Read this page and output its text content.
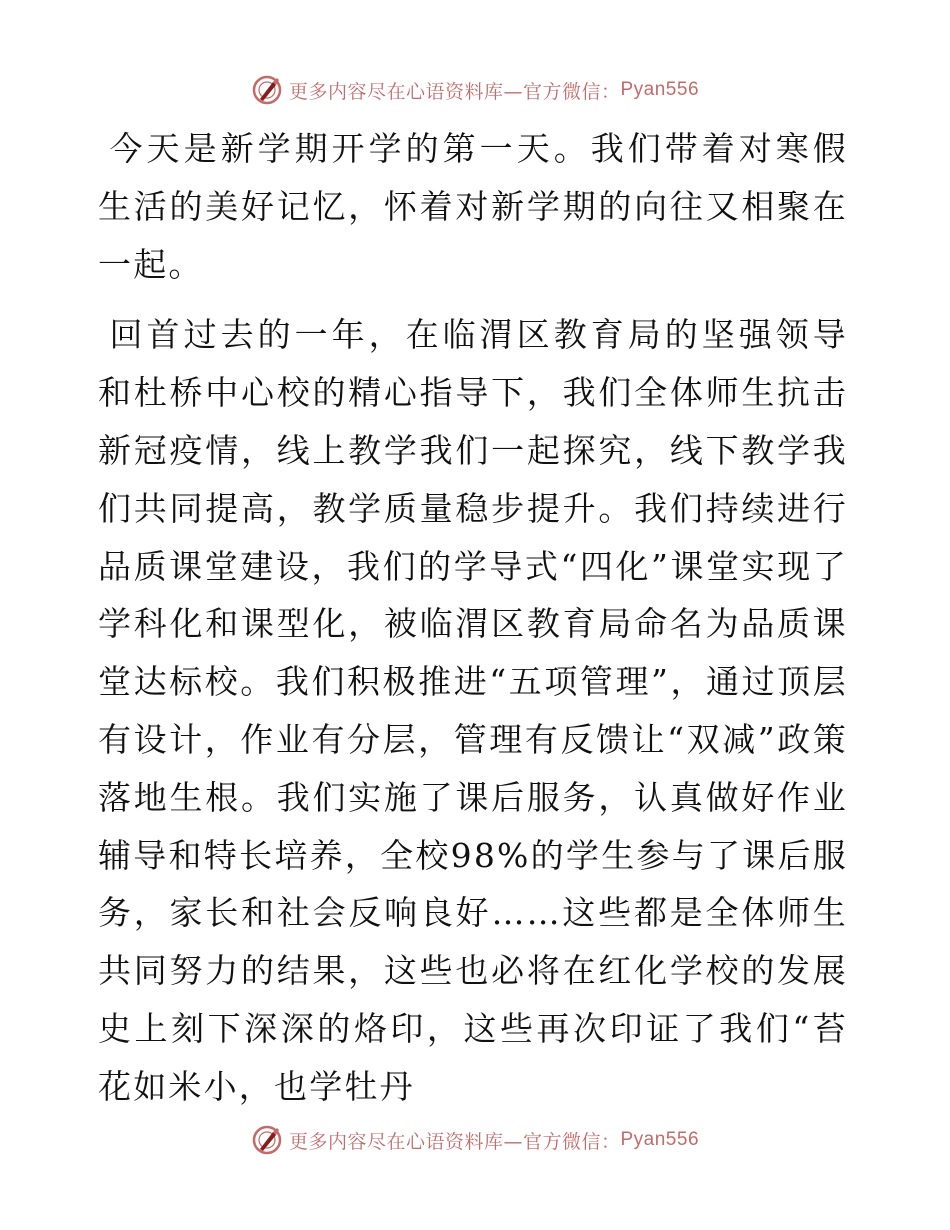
更多内容尽在心语资料库—官方微信： Pyan556

今天是新学期开学的第一天。我们带着对寒假生活的美好记忆，怀着对新学期的向往又相聚在一起。

回首过去的一年，在临渭区教育局的坚强领导和杜桥中心校的精心指导下，我们全体师生抗击新冠疫情，线上教学我们一起探究，线下教学我们共同提高，教学质量稳步提升。我们持续进行品质课堂建设，我们的学导式“四化”课堂实现了学科化和课型化，被临渭区教育局命名为品质课堂达标校。我们积极推进“五项管理”，通过顶层有设计，作业有分层，管理有反馈让“双减”政策落地生根。我们实施了课后服务，认真做好作业辅导和特长培养，全校98%的学生参与了课后服务，家长和社会反响良好……这些都是全体师生共同努力的结果，这些也必将在红化学校的发展史上刻下深深的烙印，这些再次印证了我们“苔花如米小，也学牡丹

更多内容尽在心语资料库—官方微信： Pyan556
